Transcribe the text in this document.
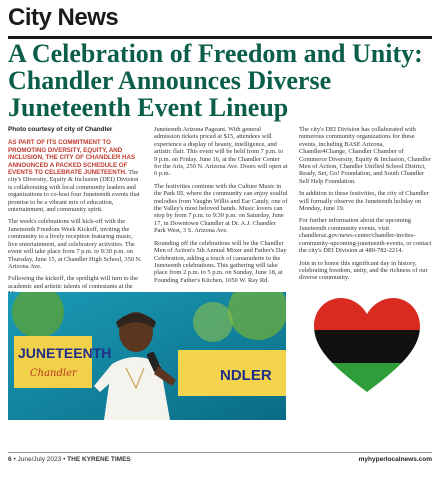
City News
A Celebration of Freedom and Unity: Chandler Announces Diverse Juneteenth Event Lineup

Photo courtesy of city of Chandler

AS PART OF ITS COMMITMENT TO PROMOTING DIVERSITY, EQUITY, AND INCLUSION, THE CITY OF CHANDLER HAS ANNOUNCED A PACKED SCHEDULE OF EVENTS TO CELEBRATE JUNETEENTH. The city's Diversity, Equity & Inclusion (DEI) Division is collaborating with local community leaders and organizations to co-host four Juneteenth events that promise to be a vibrant mix of education, entertainment, and community spirit.

The week's celebrations will kick-off with the Juneteenth Freedom Week Kickoff, inviting the community to a lively reception featuring music, live entertainment, and celebratory activities. The event will take place from 7 p.m. to 9:30 p.m. on Thursday, June 15, at Chandler High School, 350 N. Arizona Ave.

Following the kickoff, the spotlight will turn to the academic and artistic talents of contestants at the

Juneteenth Arizona Pageant. With general admission tickets priced at $15, attendees will experience a display of beauty, intelligence, and artistic flair. This event will be held from 7 p.m. to 9 p.m. on Friday, June 16, at the Chandler Center for the Arts, 250 N. Arizona Ave. Doors will open at 6 p.m.

The festivities continue with the Culture Music in the Park III, where the community can enjoy soulful melodies from Vaughn Willis and Ear Candy, one of the Valley's most beloved bands. Music lovers can stop by from 7 p.m. to 9:30 p.m. on Saturday, June 17, in Downtown Chandler at Dr. A.J. Chandler Park West, 3 S. Arizona Ave.

Rounding off the celebrations will be the Chandler Men of Action's 5th Annual Mixer and Father's Day Celebration, adding a touch of camaraderie to the Juneteenth celebrations. This gathering will take place from 2 p.m. to 5 p.m. on Sunday, June 18, at Founding Father's Kitchen, 1050 W. Ray Rd.

The city's DEI Division has collaborated with numerous community organizations for these events, including BASE Arizona, Chandler4Change, Chandler Chamber of Commerce Diversity, Equity & Inclusion, Chandler Men of Action, Chandler Unified School District, Ready, Set, Go! Foundation, and South Chandler Self Help Foundation.

In addition to these festivities, the city of Chandler will formally observe the Juneteenth holiday on Monday, June 19.

For further information about the upcoming Juneteenth community events, visit chandleraz.gov/news-center/chandler-invites-community-upcoming-juneteenth-events, or contact the city's DEI Division at 480-782-2214.

Join in to honor this significant day in history, celebrating freedom, unity, and the richness of our diverse community.

JUNETEENTH
Chandler	NDLER
6 • June/July 2023 • THE KYRENE TIMES	myhyperlocalnews.com
